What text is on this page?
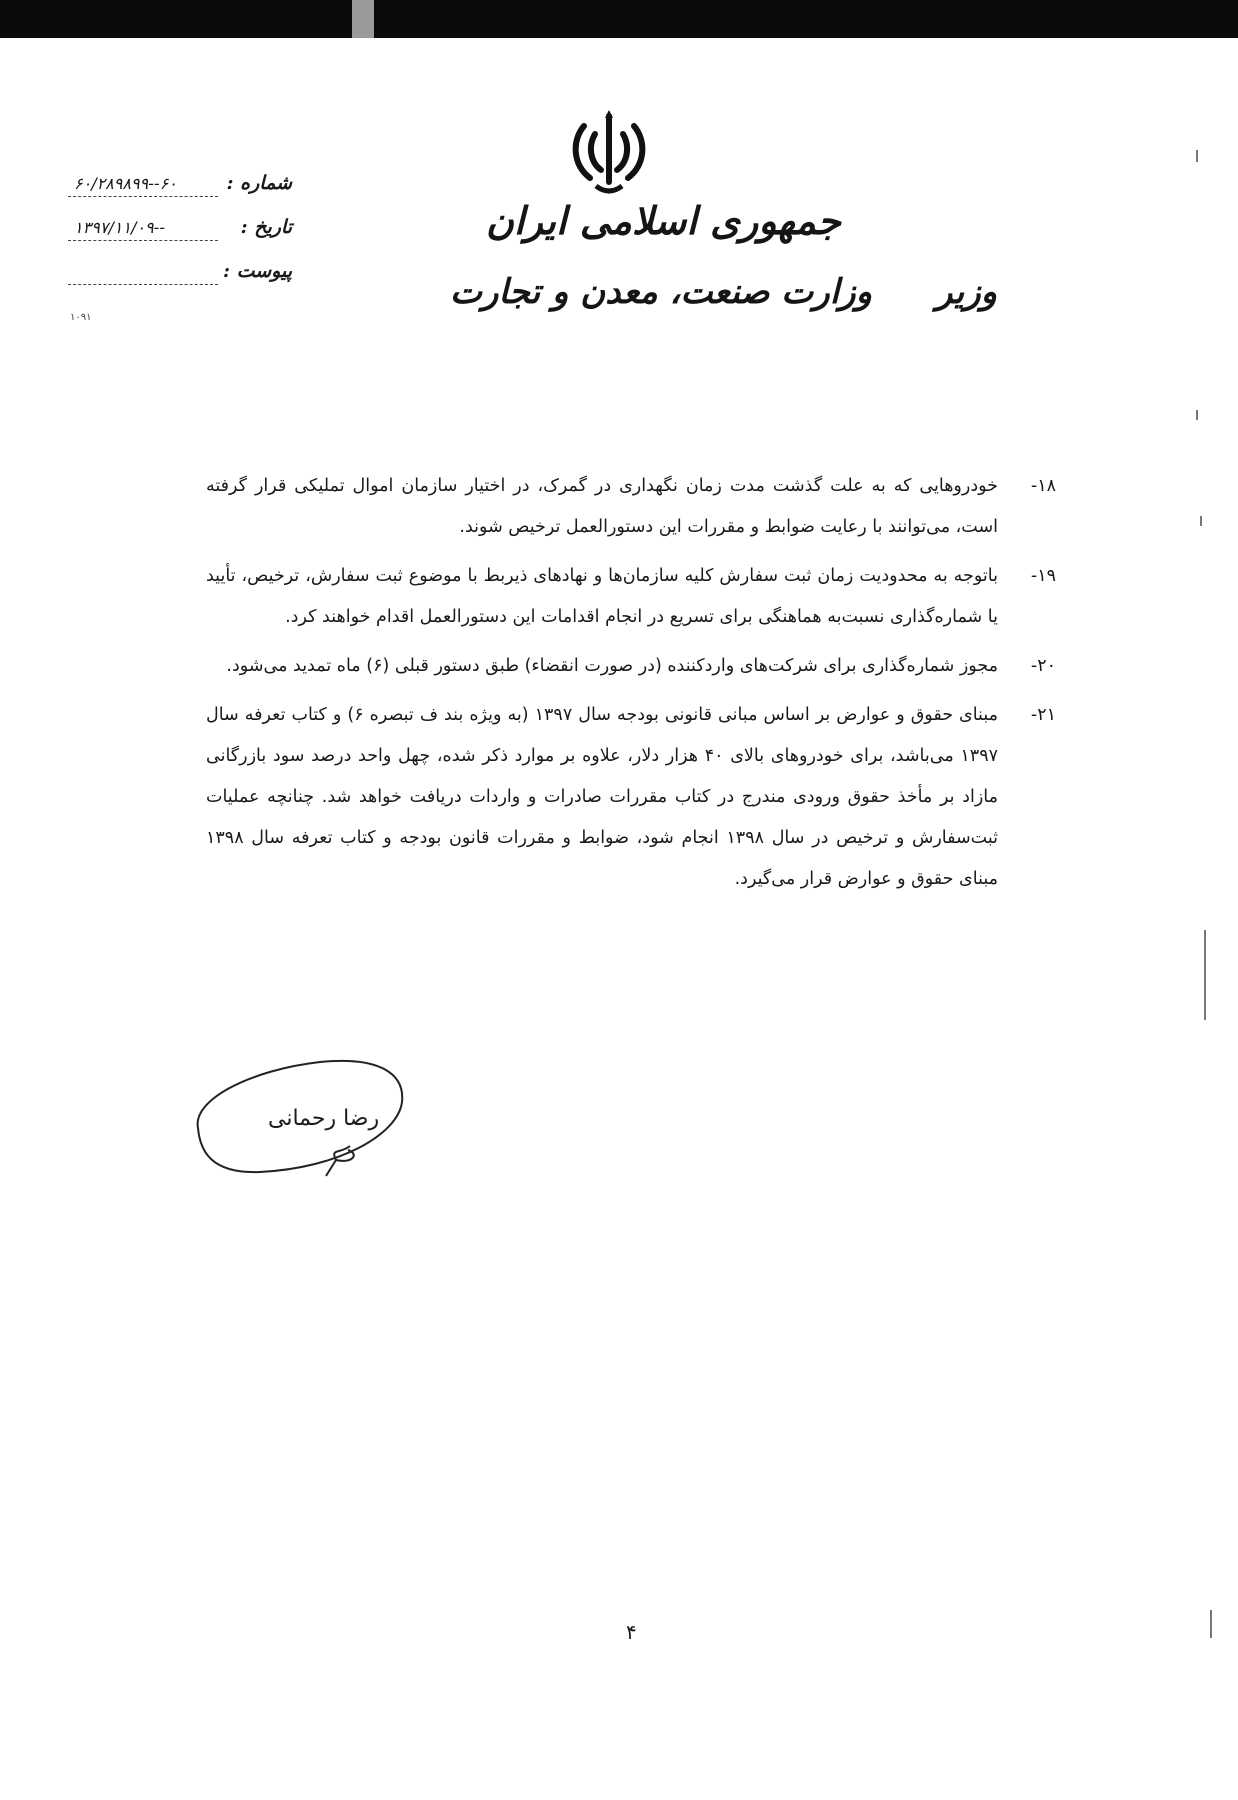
جمهوری اسلامی ایران
وزارت صنعت، معدن و تجارت وزیر
شماره :
۶۰/۲۸۹۸۹۹--۶۰
تاریخ :
۱۳۹۷/۱۱/۰۹--
پیوست :
۱۰۹۱
۱۸-
خودروهایی که به علت گذشت مدت زمان نگهداری در گمرک، در اختیار سازمان اموال تملیکی قرار گرفته است، می‌توانند با رعایت ضوابط و مقررات این دستورالعمل ترخیص شوند.
۱۹-
باتوجه به محدودیت زمان ثبت سفارش کلیه سازمان‌ها و نهادهای ذیربط با موضوع ثبت سفارش، ترخیص، تأیید یا شماره‌گذاری نسبت‌به هماهنگی برای تسریع در انجام اقدامات این دستورالعمل اقدام خواهند کرد.
۲۰-
مجوز شماره‌گذاری برای شرکت‌های واردکننده (در صورت انقضاء) طبق دستور قبلی (۶) ماه تمدید می‌شود.
۲۱-
مبنای حقوق و عوارض بر اساس مبانی قانونی بودجه سال ۱۳۹۷ (به ویژه بند ف تبصره ۶) و کتاب تعرفه سال ۱۳۹۷ می‌باشد، برای خودروهای بالای ۴۰ هزار دلار، علاوه بر موارد ذکر شده، چهل واحد درصد سود بازرگانی مازاد بر مأخذ حقوق ورودی مندرج در کتاب مقررات صادرات و واردات دریافت خواهد شد. چنانچه عملیات ثبت‌سفارش و ترخیص در سال ۱۳۹۸ انجام شود، ضوابط و مقررات قانون بودجه و کتاب تعرفه سال ۱۳۹۸ مبنای حقوق و عوارض قرار می‌گیرد.
رضا رحمانی
۴
